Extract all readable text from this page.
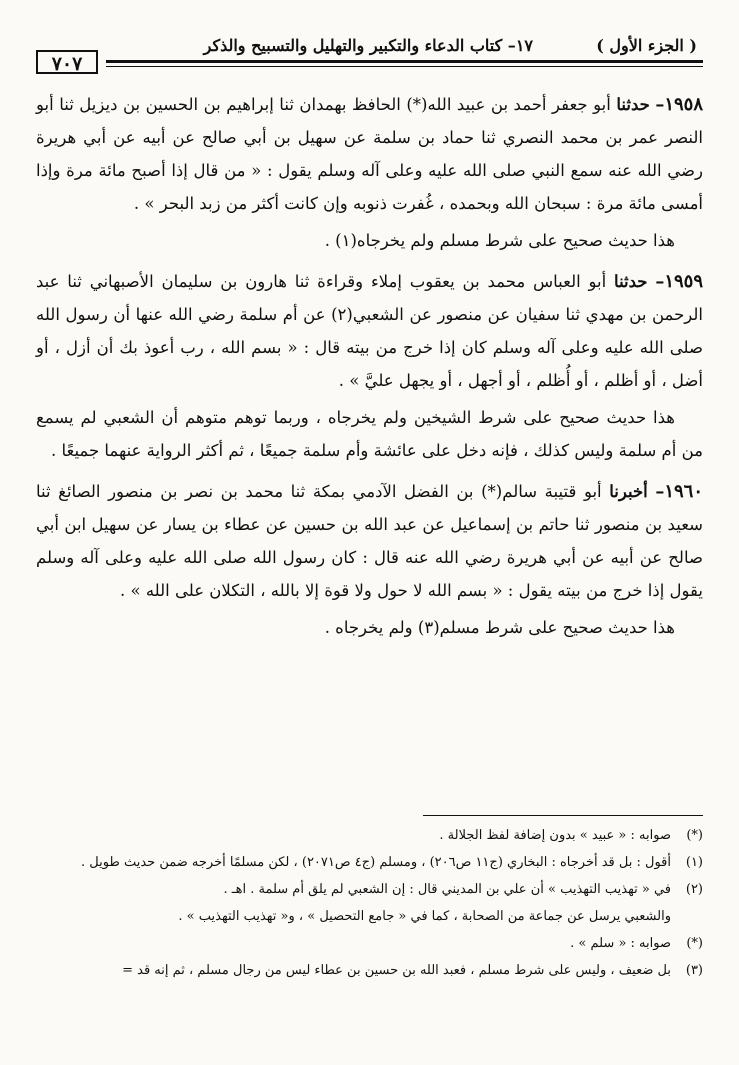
( الجزء الأول )
١٧– كتاب الدعاء والتكبير والتهليل والتسبيح والذكر
٧٠٧

١٩٥٨– حدثنا أبو جعفر أحمد بن عبيد الله(*) الحافظ بهمدان ثنا إبراهيم بن الحسين بن ديزيل ثنا أبو النصر عمر بن محمد النصري ثنا حماد بن سلمة عن سهيل بن أبي صالح عن أبيه عن أبي هريرة رضي الله عنه سمع النبي صلى الله عليه وعلى آله وسلم يقول : « من قال إذا أصبح مائة مرة وإذا أمسى مائة مرة : سبحان الله وبحمده ، غُفرت ذنوبه وإن كانت أكثر من زبد البحر » .

هذا حديث صحيح على شرط مسلم ولم يخرجاه(١) .

١٩٥٩– حدثنا أبو العباس محمد بن يعقوب إملاء وقراءة ثنا هارون بن سليمان الأصبهاني ثنا عبد الرحمن بن مهدي ثنا سفيان عن منصور عن الشعبي(٢) عن أم سلمة رضي الله عنها أن رسول الله صلى الله عليه وعلى آله وسلم كان إذا خرج من بيته قال : « بسم الله ، رب أعوذ بك أن أزل ، أو أضل ، أو أظلم ، أو أُظلم ، أو أجهل ، أو يجهل عليَّ » .

هذا حديث صحيح على شرط الشيخين ولم يخرجاه ، وربما توهم متوهم أن الشعبي لم يسمع من أم سلمة وليس كذلك ، فإنه دخل على عائشة وأم سلمة جميعًا ، ثم أكثر الرواية عنهما جميعًا .

١٩٦٠– أخبرنا أبو قتيبة سالم(*) بن الفضل الآدمي بمكة ثنا محمد بن نصر بن منصور الصائغ ثنا سعيد بن منصور ثنا حاتم بن إسماعيل عن عبد الله بن حسين عن عطاء بن يسار عن سهيل ابن أبي صالح عن أبيه عن أبي هريرة رضي الله عنه قال : كان رسول الله صلى الله عليه وعلى آله وسلم يقول إذا خرج من بيته يقول : « بسم الله لا حول ولا قوة إلا بالله ، التكلان على الله » .

هذا حديث صحيح على شرط مسلم(٣) ولم يخرجاه .

(*)
صوابه : « عبيد » بدون إضافة لفظ الجلالة .
(١)
أقول : بل قد أخرجاه : البخاري (ج١١ ص٢٠٦) ، ومسلم (ج٤ ص٢٠٧١) ، لكن مسلمًا أخرجه ضمن حديث طويل .
(٢)
في « تهذيب التهذيب » أن علي بن المديني قال : إن الشعبي لم يلق أم سلمة . اهـ .
والشعبي يرسل عن جماعة من الصحابة ، كما في « جامع التحصيل » ، و« تهذيب التهذيب » .
(*)
صوابه : « سلم » .
(٣)
بل ضعيف ، وليس على شرط مسلم ، فعبد الله بن حسين بن عطاء ليس من رجال مسلم ، ثم إنه قد =
